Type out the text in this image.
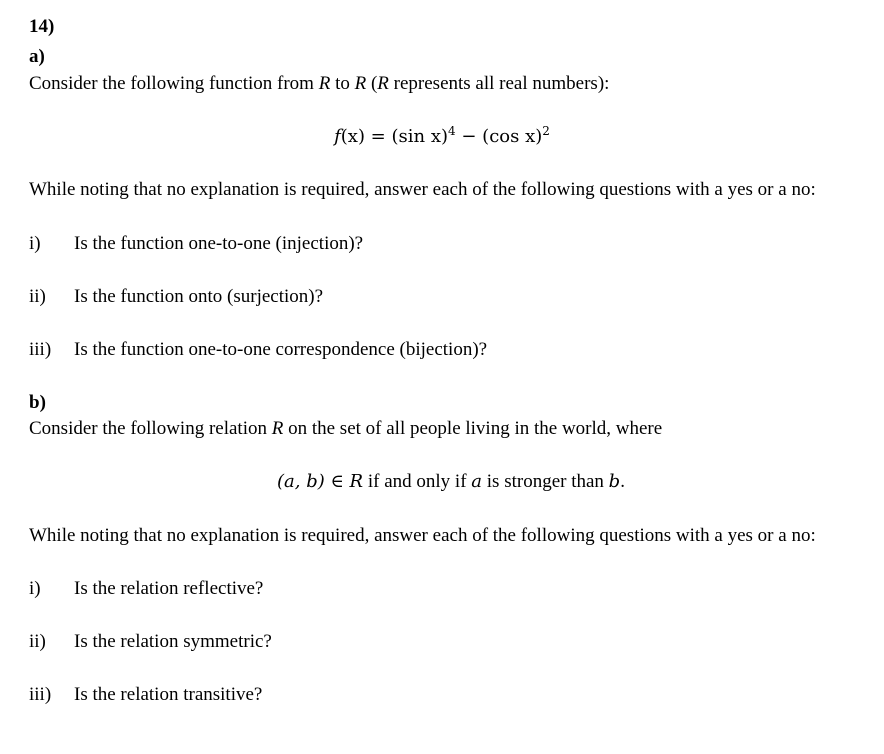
14)
a)
Consider the following function from R to R (R represents all real numbers):
f(x) = (sin x)$^4$ − (cos x)$^2$
While noting that no explanation is required, answer each of the following questions with a yes or a no:
i) Is the function one-to-one (injection)?
ii) Is the function onto (surjection)?
iii) Is the function one-to-one correspondence (bijection)?
b)
Consider the following relation R on the set of all people living in the world, where
(a, b) ∈ R if and only if a is stronger than b.
While noting that no explanation is required, answer each of the following questions with a yes or a no:
i) Is the relation reflective?
ii) Is the relation symmetric?
iii) Is the relation transitive?
